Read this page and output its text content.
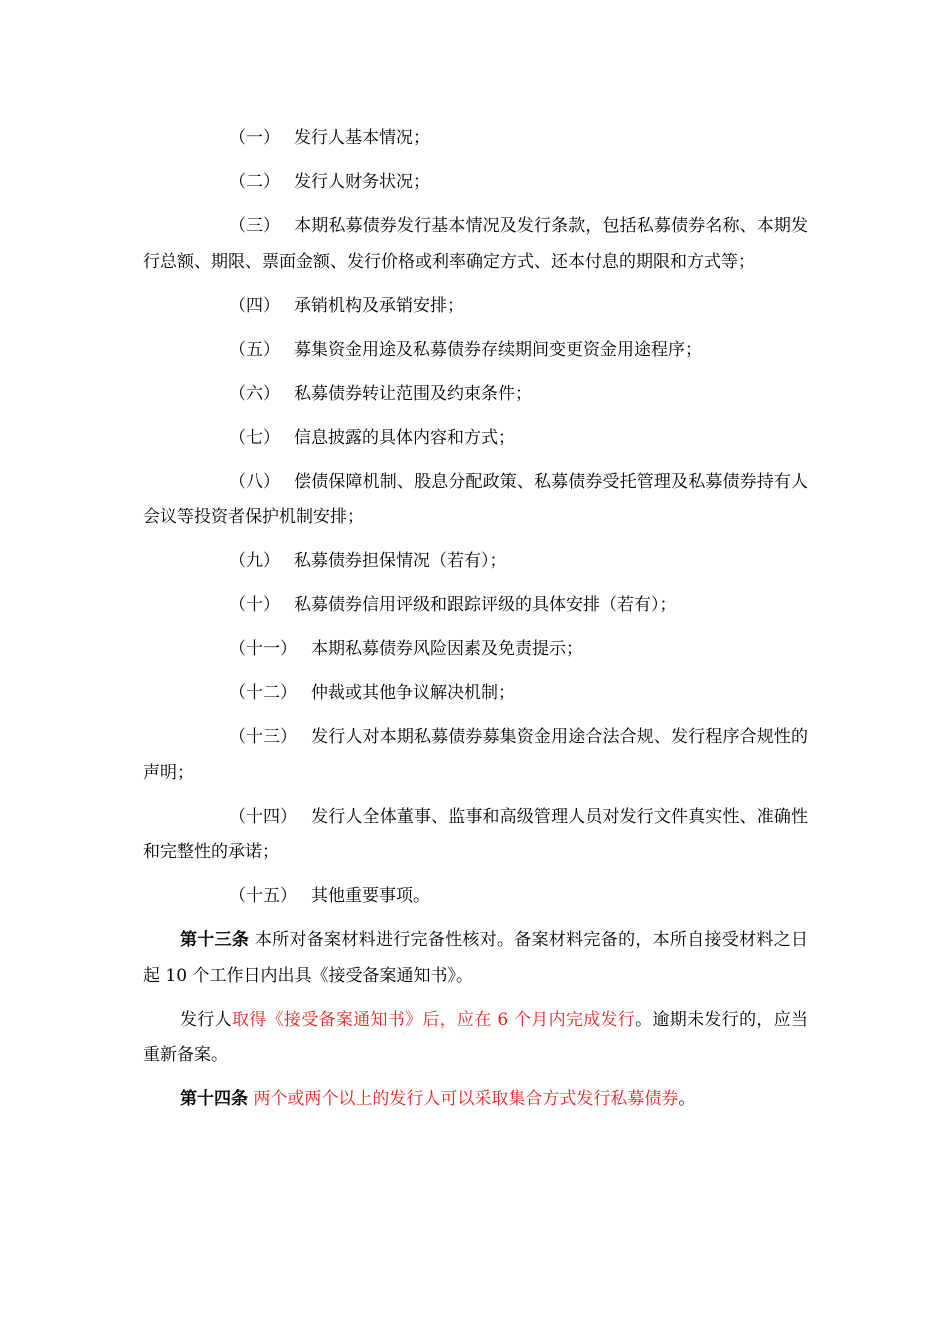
（一） 发行人基本情况；

（二） 发行人财务状况；

（三） 本期私募债券发行基本情况及发行条款，包括私募债券名称、本期发行总额、期限、票面金额、发行价格或利率确定方式、还本付息的期限和方式等；

（四） 承销机构及承销安排；

（五） 募集资金用途及私募债券存续期间变更资金用途程序；

（六） 私募债券转让范围及约束条件；

（七） 信息披露的具体内容和方式；

（八） 偿债保障机制、股息分配政策、私募债券受托管理及私募债券持有人会议等投资者保护机制安排；

（九） 私募债券担保情况（若有）；

（十） 私募债券信用评级和跟踪评级的具体安排（若有）；

（十一） 本期私募债券风险因素及免责提示；

（十二） 仲裁或其他争议解决机制；

（十三） 发行人对本期私募债券募集资金用途合法合规、发行程序合规性的声明；

（十四） 发行人全体董事、监事和高级管理人员对发行文件真实性、准确性和完整性的承诺；

（十五） 其他重要事项。

第十三条 本所对备案材料进行完备性核对。备案材料完备的，本所自接受材料之日起 10 个工作日内出具《接受备案通知书》。

发行人取得《接受备案通知书》后，应在 6 个月内完成发行。逾期未发行的，应当重新备案。

第十四条 两个或两个以上的发行人可以采取集合方式发行私募债券。
